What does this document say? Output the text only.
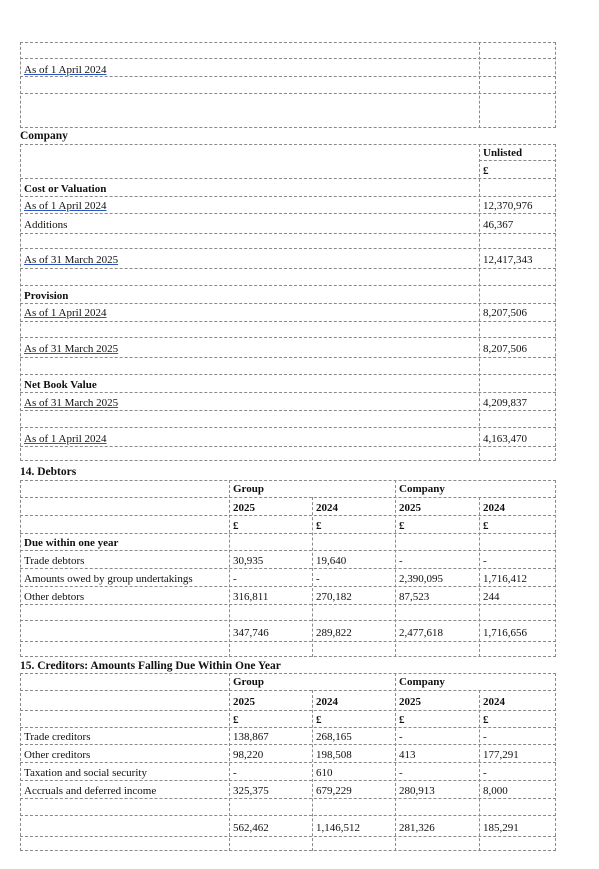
As of 1 April 2024
Company
Unlisted
£
Cost or Valuation
As of 1 April 2024	12,370,976
Additions	46,367
As of 31 March 2025	12,417,343
Provision
As of 1 April 2024	8,207,506
As of 31 March 2025	8,207,506
Net Book Value
As of 31 March 2025	4,209,837
As of 1 April 2024	4,163,470
14. Debtors
Group	Company
2025	2024	2025	2024
£	£	£	£
Due within one year
Trade debtors	30,935	19,640	-	-
Amounts owed by group undertakings	-	-	2,390,095	1,716,412
Other debtors	316,811	270,182	87,523	244
347,746	289,822	2,477,618	1,716,656
15. Creditors: Amounts Falling Due Within One Year
Group	Company
2025	2024	2025	2024
£	£	£	£
Trade creditors	138,867	268,165	-	-
Other creditors	98,220	198,508	413	177,291
Taxation and social security	-	610	-	-
Accruals and deferred income	325,375	679,229	280,913	8,000
562,462	1,146,512	281,326	185,291
